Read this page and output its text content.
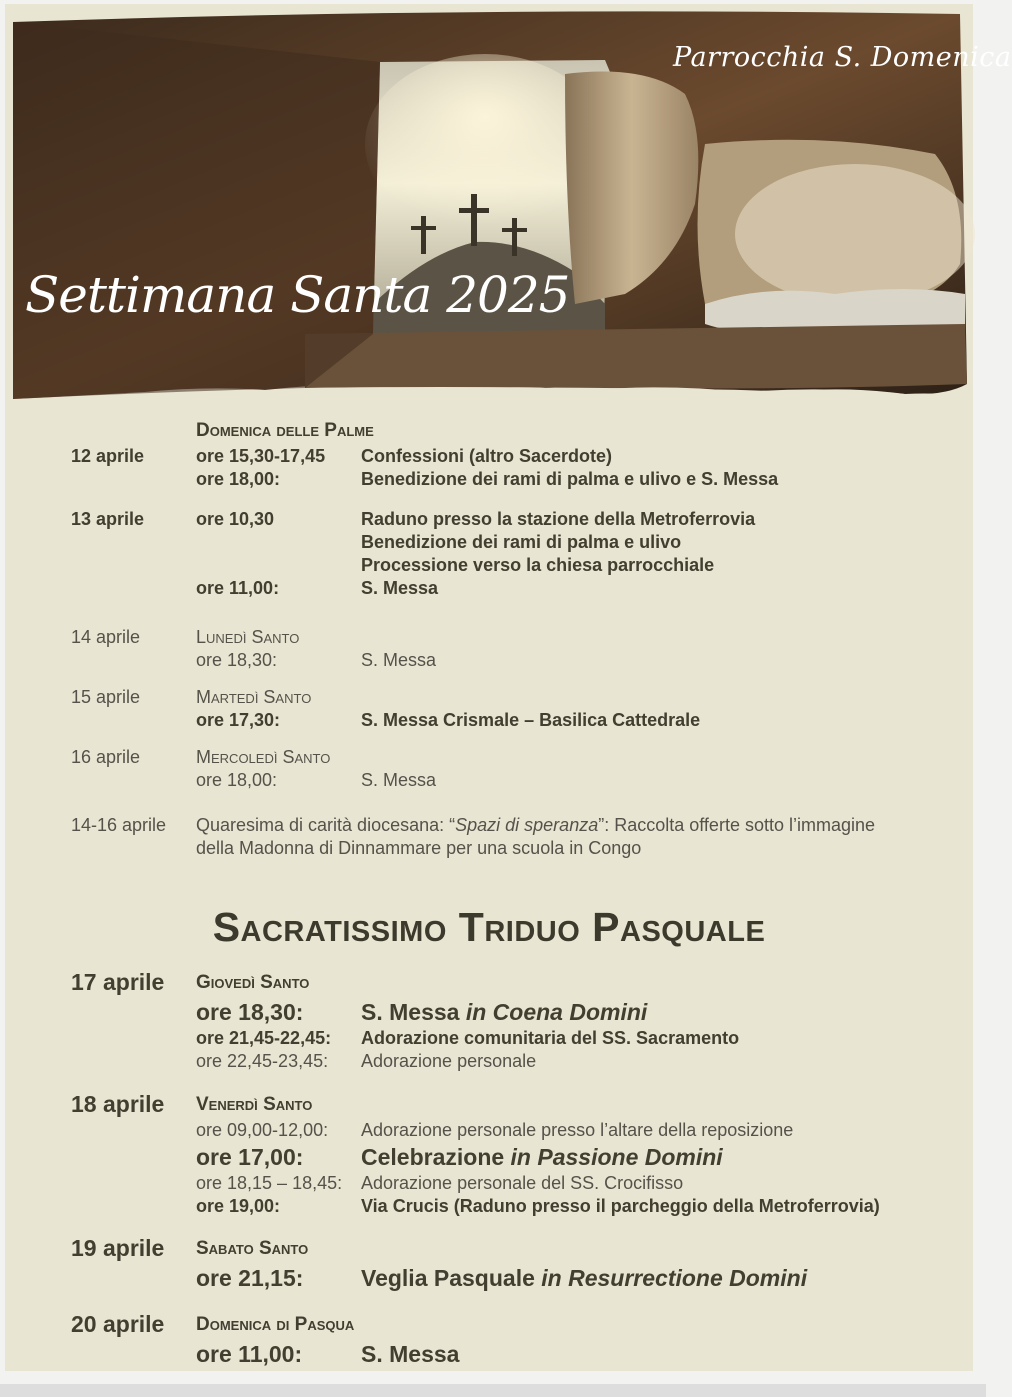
Parrocchia S. Domenica
Settimana Santa 2025
Domenica delle Palme
12 aprile	ore 15,30-17,45 Confessioni (altro Sacerdote)
ore 18,00:	Benedizione dei rami di palma e ulivo e S. Messa
13 aprile	ore 10,30	Raduno presso la stazione della Metroferrovia
Benedizione dei rami di palma e ulivo
Processione verso la chiesa parrocchiale
ore 11,00:	S. Messa
14 aprile	Lunedì Santo
ore 18,30:	S. Messa
15 aprile	Martedì Santo
ore 17,30:	S. Messa Crismale – Basilica Cattedrale
16 aprile	Mercoledì Santo
ore 18,00:	S. Messa
14-16 aprile Quaresima di carità diocesana: “Spazi di speranza”: Raccolta offerte sotto l’immagine
della Madonna di Dinnammare per una scuola in Congo
Sacratissimo Triduo Pasquale
17 aprile Giovedì Santo
ore 18,30:	S. Messa in Coena Domini
ore 21,45-22,45: Adorazione comunitaria del SS. Sacramento
ore 22,45-23,45: Adorazione personale
18 aprile Venerdì Santo
ore 09,00-12,00: Adorazione personale presso l’altare della reposizione
ore 17,00:	Celebrazione in Passione Domini
ore 18,15 – 18,45: Adorazione personale del SS. Crocifisso
ore 19,00:	Via Crucis (Raduno presso il parcheggio della Metroferrovia)
19 aprile Sabato Santo
ore 21,15:	Veglia Pasquale in Resurrectione Domini
20 aprile Domenica di Pasqua
ore 11,00:	S. Messa
